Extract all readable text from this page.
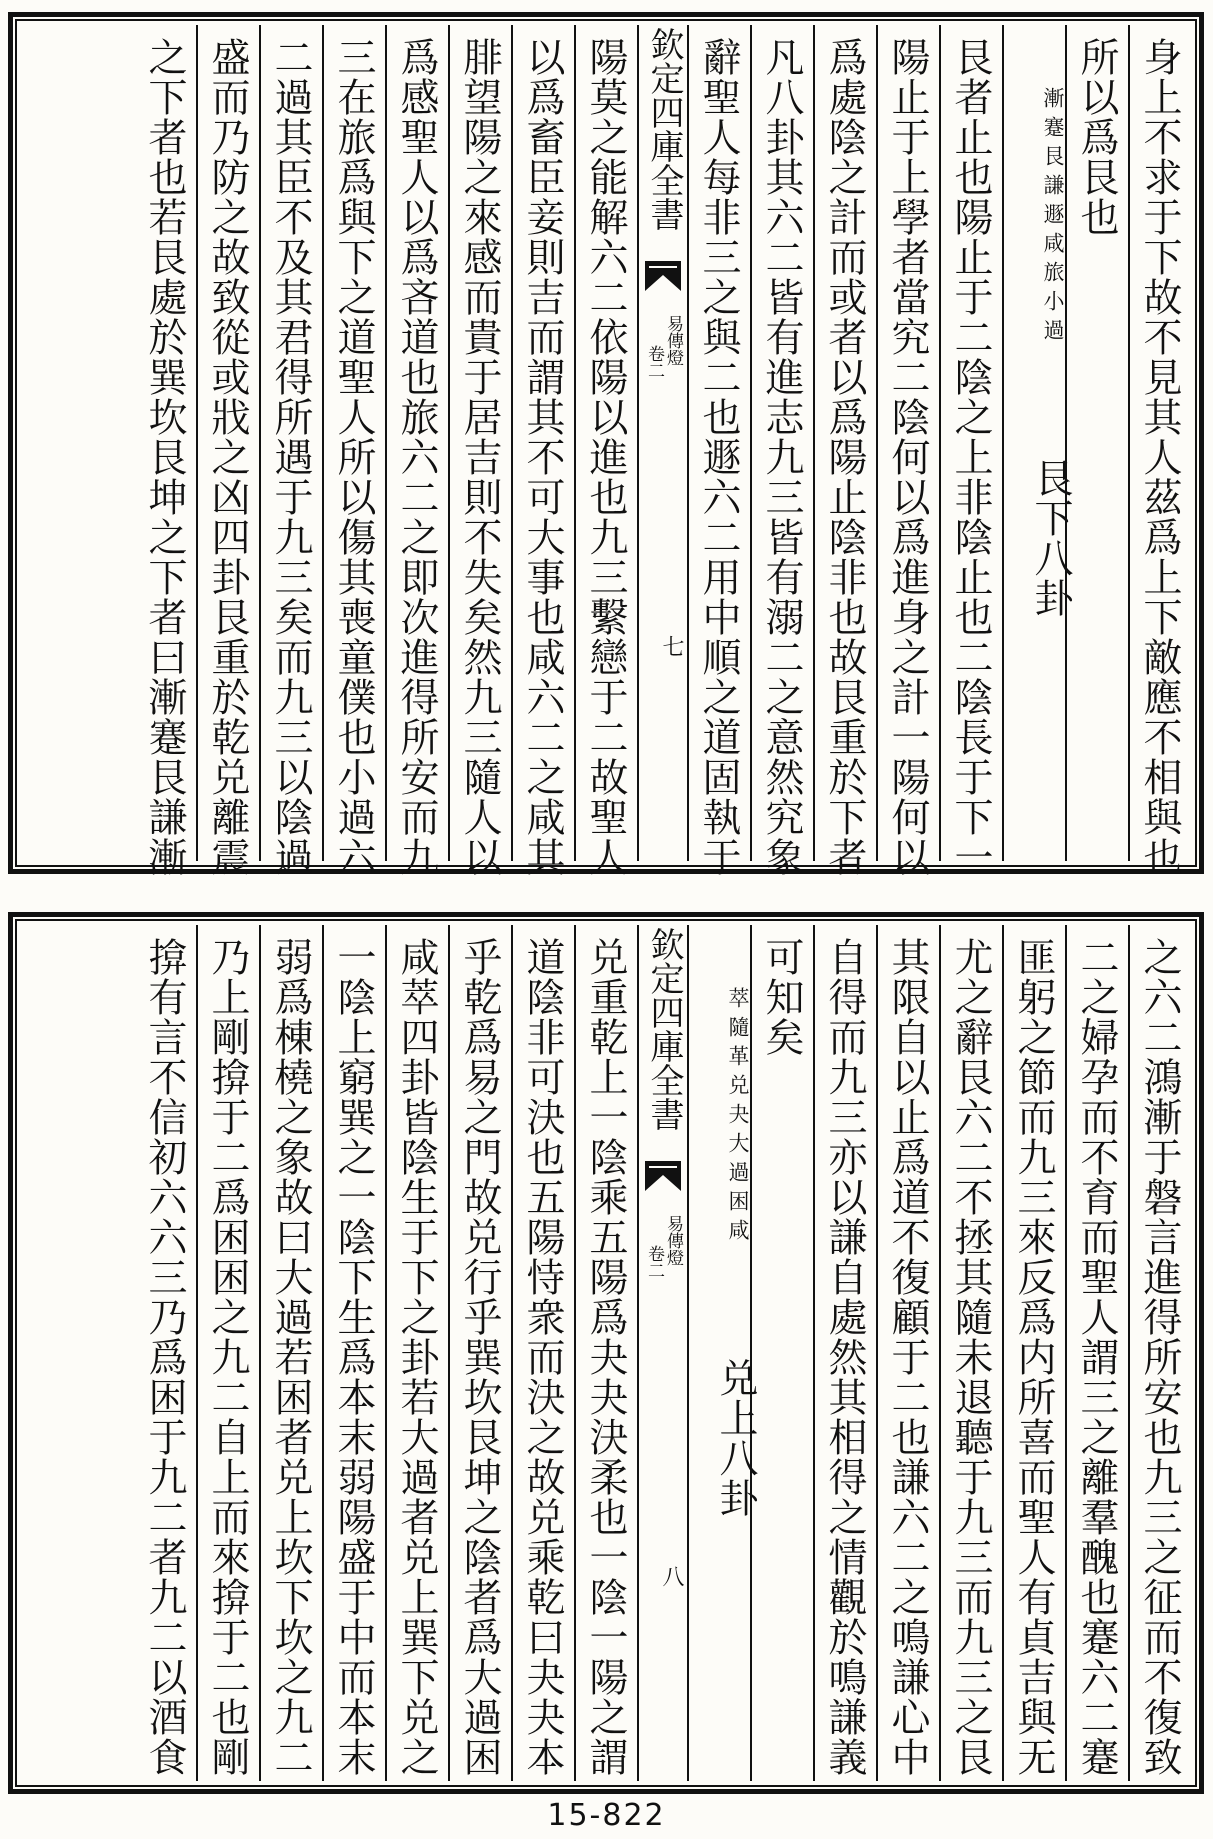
身上不求于下故不見其人茲爲上下敵應不相與也
所以爲艮也
遯咸旅小過
漸蹇艮謙
艮下八卦
艮者止也陽止于二陰之上非陰止也二陰長于下一
陽止于上學者當究二陰何以爲進身之計一陽何以
爲處陰之計而或者以爲陽止陰非也故艮重於下者
凡八卦其六二皆有進志九三皆有溺二之意然究象
辭聖人每非三之與二也遯六二用中順之道固執于
欽定四庫全書
易傳燈
卷二
七
陽莫之能解六二依陽以進也九三繫戀于二故聖人
以爲畜臣妾則吉而謂其不可大事也咸六二之咸其
腓望陽之來感而貴于居吉則不失矣然九三隨人以
爲感聖人以爲吝道也旅六二之即次進得所安而九
三在旅爲與下之道聖人所以傷其喪童僕也小過六
二過其臣不及其君得所遇于九三矣而九三以陰過
盛而乃防之故致從或戕之凶四卦艮重於乾兑離震
之下者也若艮處於巽坎艮坤之下者曰漸蹇艮謙漸
之六二鴻漸于磐言進得所安也九三之征而不復致
二之婦孕而不育而聖人謂三之離羣醜也蹇六二蹇
匪躬之節而九三來反爲内所喜而聖人有貞吉與无
尤之辭艮六二不拯其隨未退聽于九三而九三之艮
其限自以止爲道不復顧于二也謙六二之鳴謙心中
自得而九三亦以謙自處然其相得之情觀於鳴謙義
可知矣
夬大過困咸
萃隨革兑
兑上八卦
欽定四庫全書
易傳燈
卷二
八
兑重乾上一陰乘五陽爲夬夬決柔也一陰一陽之謂
道陰非可決也五陽恃衆而決之故兑乘乾曰夬夬本
乎乾爲易之門故兑行乎巽坎艮坤之陰者爲大過困
咸萃四卦皆陰生于下之卦若大過者兑上巽下兑之
一陰上窮巽之一陰下生爲本末弱陽盛于中而本末
弱爲棟橈之象故曰大過若困者兑上坎下坎之九二
乃上剛揜于二爲困困之九二自上而來揜于二也剛
揜有言不信初六六三乃爲困于九二者九二以酒食
15-822
